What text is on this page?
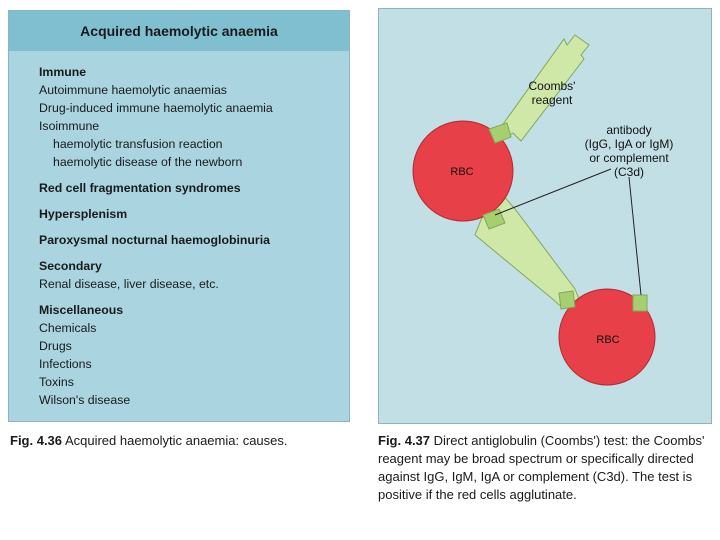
Acquired haemolytic anaemia
Immune
Autoimmune haemolytic anaemias
Drug-induced immune haemolytic anaemia
Isoimmune
haemolytic transfusion reaction
haemolytic disease of the newborn
Red cell fragmentation syndromes
Hypersplenism
Paroxysmal nocturnal haemoglobinuria
Secondary
Renal disease, liver disease, etc.
Miscellaneous
Chemicals
Drugs
Infections
Toxins
Wilson's disease
Fig. 4.36 Acquired haemolytic anaemia: causes.
Coombs'
reagent
antibody
(IgG, IgA or IgM)
or complement
(C3d)
RBC
RBC
Fig. 4.37 Direct antiglobulin (Coombs') test: the Coombs' reagent may be broad spectrum or specifically directed against IgG, IgM, IgA or complement (C3d). The test is positive if the red cells agglutinate.
